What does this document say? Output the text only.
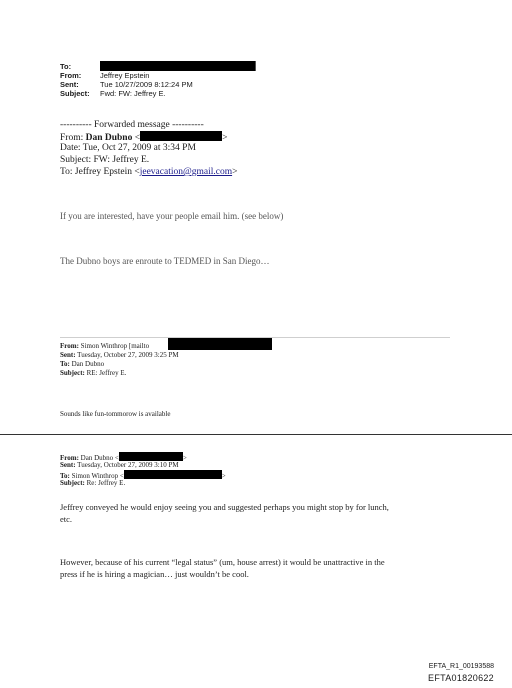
To:
From:	Jeffrey Epstein
Sent:	Tue 10/27/2009 8:12:24 PM
Subject: Fwd: FW: Jeffrey E.
---------- Forwarded message ----------
From: Dan Dubno <	>
Date: Tue, Oct 27, 2009 at 3:34 PM
Subject: FW: Jeffrey E.
To: Jeffrey Epstein <jeevacation@gmail.com>
If you are interested, have your people email him. (see below)
The Dubno boys are enroute to TEDMED in San Diego…
From: Simon Winthrop [mailto
Sent: Tuesday, October 27, 2009 3:25 PM
To: Dan Dubno
Subject: RE: Jeffrey E.
Sounds like fun-tommorow is available
From: Dan Dubno <	>
Sent: Tuesday, October 27, 2009 3:10 PM
To: Simon Winthrop <	>
Subject: Re: Jeffrey E.
Jeffrey conveyed he would enjoy seeing you and suggested perhaps you might stop by for lunch,
etc.
However, because of his current “legal status” (um, house arrest) it would be unattractive in the
press if he is hiring a magician… just wouldn’t be cool.
EFTA_R1_00193588
EFTA01820622
